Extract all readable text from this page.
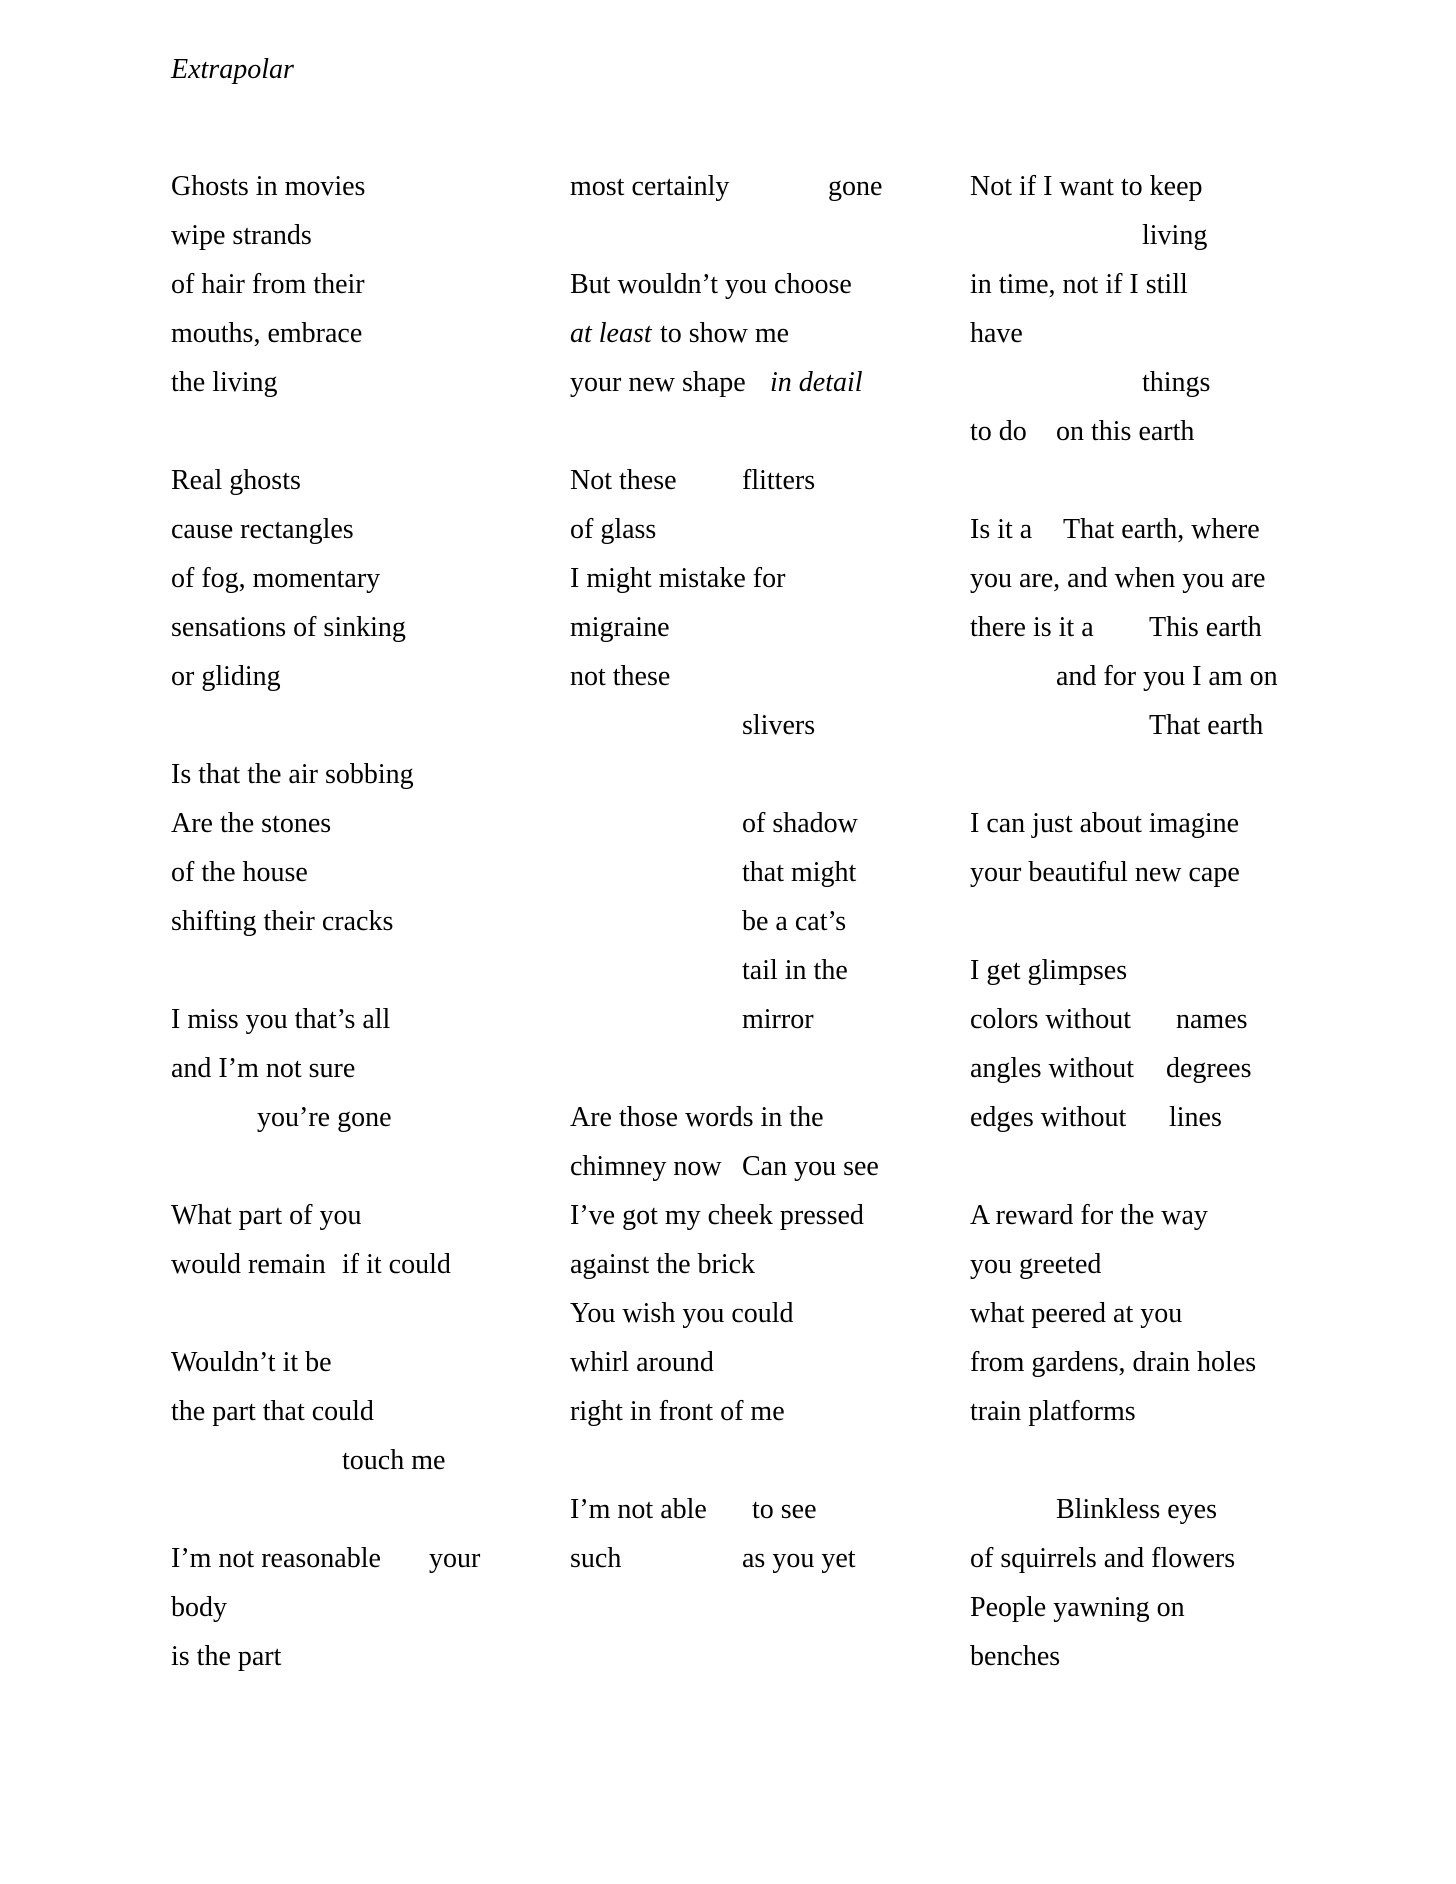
Extrapolar
Ghosts in movies
wipe strands
of hair from their
mouths, embrace
the living
Real ghosts
cause rectangles
of fog, momentary
sensations of sinking
or gliding
Is that the air sobbing
Are the stones
of the house
shifting their cracks
I miss you that’s all
and I’m not sure
you’re gone
What part of you
would remain if it could
Wouldn’t it be
the part that could
touch me
I’m not reasonable your
body
is the part
most certainly	gone
But wouldn’t you choose
at least to show me
your new shape in detail
Not these flitters
of glass
I might mistake for
migraine
not these
slivers
of shadow
that might
be a cat’s
tail in the
mirror
Are those words in the
chimney now Can you see
I’ve got my cheek pressed
against the brick
You wish you could
whirl around
right in front of me
I’m not able to see
such	as you yet
Not if I want to keep
living
in time, not if I still
have
things
to do on this earth
Is it a That earth, where
you are, and when you are
there is it a This earth
and for you I am on
That earth
I can just about imagine
your beautiful new cape
I get glimpses
colors without names
angles without degrees
edges without lines
A reward for the way
you greeted
what peered at you
from gardens, drain holes
train platforms
Blinkless eyes
of squirrels and flowers
People yawning on
benches
